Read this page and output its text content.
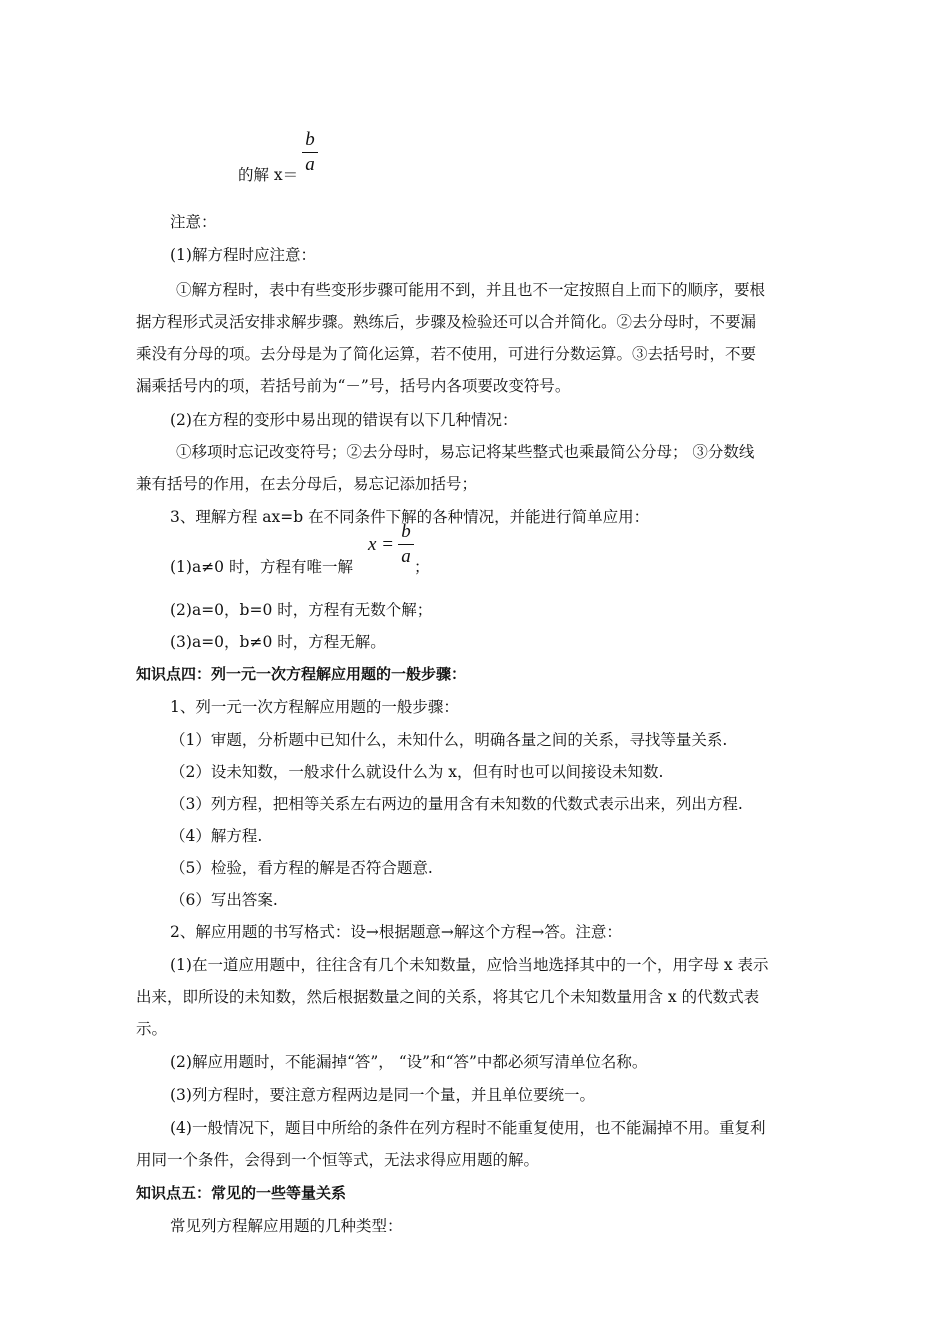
的解 x＝
b
a
注意：
(1)解方程时应注意：
①解方程时，表中有些变形步骤可能用不到，并且也不一定按照自上而下的顺序，要根
据方程形式灵活安排求解步骤。熟练后，步骤及检验还可以合并简化。②去分母时，不要漏
乘没有分母的项。去分母是为了简化运算，若不使用，可进行分数运算。③去括号时，不要
漏乘括号内的项，若括号前为“－”号，括号内各项要改变符号。
(2)在方程的变形中易出现的错误有以下几种情况：
①移项时忘记改变符号；②去分母时，易忘记将某些整式也乘最简公分母； ③分数线
兼有括号的作用，在去分母后，易忘记添加括号；
3、理解方程 ax=b 在不同条件下解的各种情况，并能进行简单应用：
(1)a≠0 时，方程有唯一解
x =
b
a ；
(2)a=0，b=0 时，方程有无数个解；
(3)a=0，b≠0 时，方程无解。
知识点四：列一元一次方程解应用题的一般步骤：
1、列一元一次方程解应用题的一般步骤：
（1）审题，分析题中已知什么，未知什么，明确各量之间的关系，寻找等量关系.
（2）设未知数，一般求什么就设什么为 x，但有时也可以间接设未知数.
（3）列方程，把相等关系左右两边的量用含有未知数的代数式表示出来，列出方程.
（4）解方程.
（5）检验，看方程的解是否符合题意.
（6）写出答案.
2、解应用题的书写格式：设→根据题意→解这个方程→答。注意：
(1)在一道应用题中，往往含有几个未知数量，应恰当地选择其中的一个，用字母 x 表示
出来，即所设的未知数，然后根据数量之间的关系，将其它几个未知数量用含 x 的代数式表
示。
(2)解应用题时，不能漏掉“答”， “设”和“答”中都必须写清单位名称。
(3)列方程时，要注意方程两边是同一个量，并且单位要统一。
(4)一般情况下，题目中所给的条件在列方程时不能重复使用，也不能漏掉不用。重复利
用同一个条件，会得到一个恒等式，无法求得应用题的解。
知识点五：常见的一些等量关系
常见列方程解应用题的几种类型：
